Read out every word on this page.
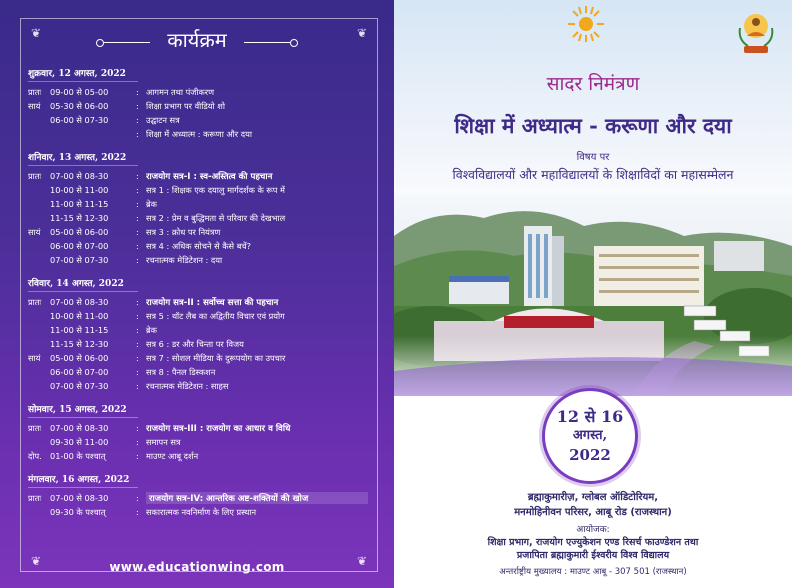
❦	❦
❦	❦
कार्यक्रम
शुक्रवार, 12 अगस्त, 2022
प्रातः	09-00 से 05-00	: आगमन तथा पंजीकरण
सायं	05-30 से 06-00	: शिक्षा प्रभाग पर वीडियो शो
06-00 से 07-30	: उद्घाटन सत्र
: शिक्षा में अध्यात्म : करूणा और दया
शनिवार, 13 अगस्त, 2022
प्रातः	07-00 से 08-30	: राजयोग सत्र-I : स्व-अस्तित्व की पहचान
10-00 से 11-00	: सत्र 1 : शिक्षक एक दयालु मार्गदर्शक के रूप में
11-00 से 11-15	: ब्रेक
11-15 से 12-30	: सत्र 2 : प्रेम व बुद्धिमता से परिवार की देखभाल
सायं	05-00 से 06-00	: सत्र 3 : क्रोध पर नियंत्रण
06-00 से 07-00	: सत्र 4 : अधिक सोचने से कैसे बचें?
07-00 से 07-30	: रचनात्मक मेडिटेशन : दया
रविवार, 14 अगस्त, 2022
प्रातः	07-00 से 08-30	: राजयोग सत्र-II : सर्वोच्च सत्ता की पहचान
10-00 से 11-00	: सत्र 5 : थॉट लैब का अद्वितीय विचार एवं प्रयोग
11-00 से 11-15	: ब्रेक
11-15 से 12-30	: सत्र 6 : डर और चिन्ता पर विजय
सायं	05-00 से 06-00	: सत्र 7 : सोशल मीडिया के दुरूपयोग का उपचार
06-00 से 07-00	: सत्र 8 : पैनल डिस्कशन
07-00 से 07-30	: रचनात्मक मेडिटेशन : साहस
सोमवार, 15 अगस्त, 2022
प्रातः	07-00 से 08-30	: राजयोग सत्र-III : राजयोग का आधार व विधि
09-30 से 11-00	: समापन सत्र
दोप.	01-00 के पश्चात्	: माउण्ट आबू दर्शन
मंगलवार, 16 अगस्त, 2022
प्रातः	07-00 से 08-30	:	राजयोग सत्र-IV: आन्तरिक अष्ट-शक्तियों की खोज
09-30 के पश्चात्	: सकारात्मक नवनिर्माण के लिए प्रस्थान
www.educationwing.com
सादर निमंत्रण
शिक्षा में अध्यात्म - करूणा और दया
विषय पर
विश्वविद्यालयों और महाविद्यालयों के शिक्षाविदों का महासम्मेलन
12 से 16
अगस्त,
2022
ब्रह्माकुमारीज़, ग्लोबल ऑडिटोरियम,
मनमोहिनीवन परिसर, आबू रोड (राजस्थान)
आयोजक:
शिक्षा प्रभाग, राजयोग एज्युकेशन एण्ड रिसर्च फाउण्डेशन तथा
प्रजापिता ब्रह्माकुमारी ईश्वरीय विश्व विद्यालय
अन्तर्राष्ट्रीय मुख्यालय : माउण्ट आबू - 307 501 (राजस्थान)
